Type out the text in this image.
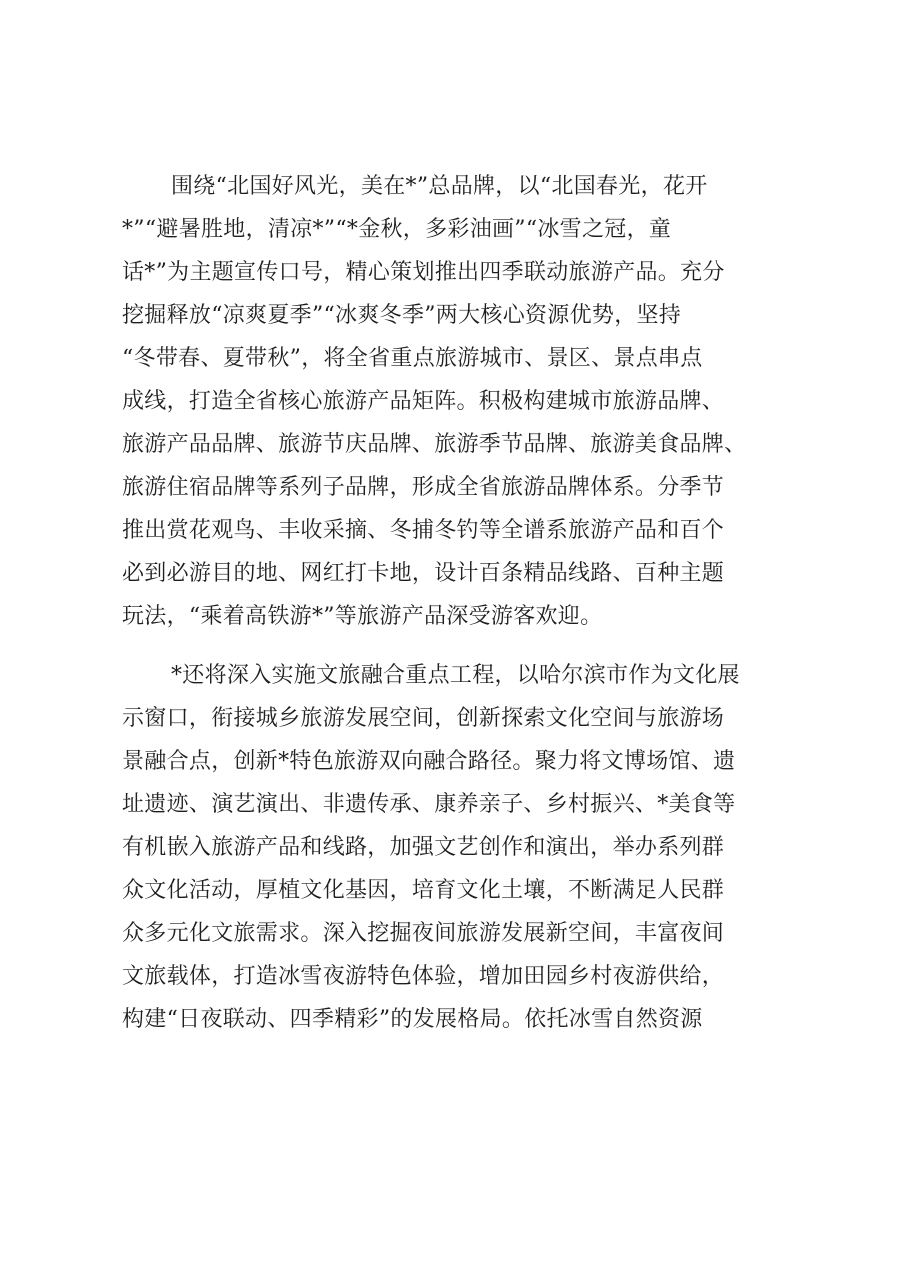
围绕“北国好风光，美在*”总品牌，以“北国春光，花开

*”“避暑胜地，清凉*”“*金秋，多彩油画”“冰雪之冠，童

话*”为主题宣传口号，精心策划推出四季联动旅游产品。充分

挖掘释放“凉爽夏季”“冰爽冬季”两大核心资源优势，坚持

“冬带春、夏带秋”，将全省重点旅游城市、景区、景点串点

成线，打造全省核心旅游产品矩阵。积极构建城市旅游品牌、

旅游产品品牌、旅游节庆品牌、旅游季节品牌、旅游美食品牌、

旅游住宿品牌等系列子品牌，形成全省旅游品牌体系。分季节

推出赏花观鸟、丰收采摘、冬捕冬钓等全谱系旅游产品和百个

必到必游目的地、网红打卡地，设计百条精品线路、百种主题

玩法，“乘着高铁游*”等旅游产品深受游客欢迎。

*还将深入实施文旅融合重点工程，以哈尔滨市作为文化展

示窗口，衔接城乡旅游发展空间，创新探索文化空间与旅游场

景融合点，创新*特色旅游双向融合路径。聚力将文博场馆、遗

址遗迹、演艺演出、非遗传承、康养亲子、乡村振兴、*美食等

有机嵌入旅游产品和线路，加强文艺创作和演出，举办系列群

众文化活动，厚植文化基因，培育文化土壤，不断满足人民群

众多元化文旅需求。深入挖掘夜间旅游发展新空间，丰富夜间

文旅载体，打造冰雪夜游特色体验，增加田园乡村夜游供给，

构建“日夜联动、四季精彩”的发展格局。依托冰雪自然资源
